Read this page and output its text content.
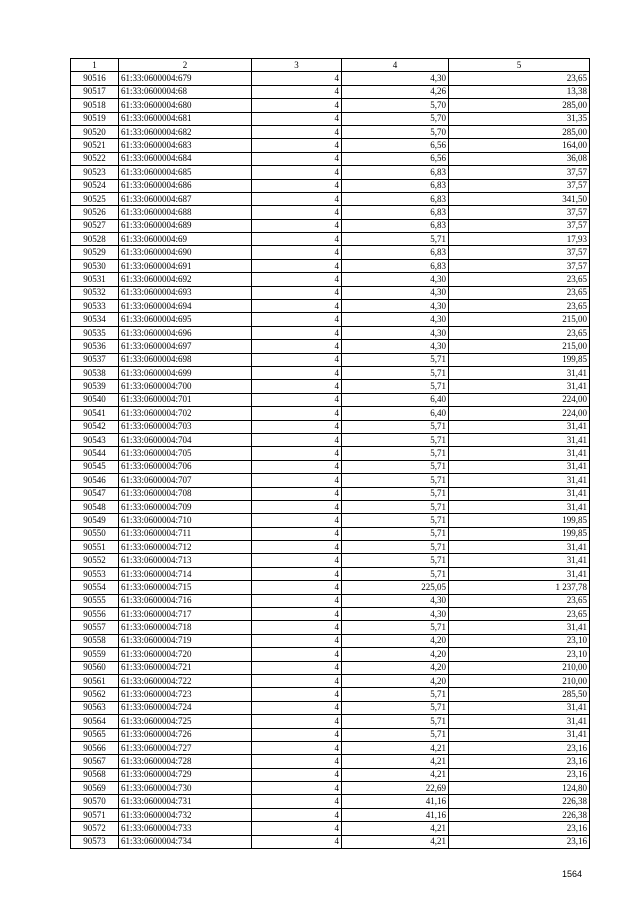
1	2	3	4	5
90516	61:33:0600004:679	4	4,30	23,65
90517	61:33:0600004:68	4	4,26	13,38
90518	61:33:0600004:680	4	5,70	285,00
90519	61:33:0600004:681	4	5,70	31,35
90520	61:33:0600004:682	4	5,70	285,00
90521	61:33:0600004:683	4	6,56	164,00
90522	61:33:0600004:684	4	6,56	36,08
90523	61:33:0600004:685	4	6,83	37,57
90524	61:33:0600004:686	4	6,83	37,57
90525	61:33:0600004:687	4	6,83	341,50
90526	61:33:0600004:688	4	6,83	37,57
90527	61:33:0600004:689	4	6,83	37,57
90528	61:33:0600004:69	4	5,71	17,93
90529	61:33:0600004:690	4	6,83	37,57
90530	61:33:0600004:691	4	6,83	37,57
90531	61:33:0600004:692	4	4,30	23,65
90532	61:33:0600004:693	4	4,30	23,65
90533	61:33:0600004:694	4	4,30	23,65
90534	61:33:0600004:695	4	4,30	215,00
90535	61:33:0600004:696	4	4,30	23,65
90536	61:33:0600004:697	4	4,30	215,00
90537	61:33:0600004:698	4	5,71	199,85
90538	61:33:0600004:699	4	5,71	31,41
90539	61:33:0600004:700	4	5,71	31,41
90540	61:33:0600004:701	4	6,40	224,00
90541	61:33:0600004:702	4	6,40	224,00
90542	61:33:0600004:703	4	5,71	31,41
90543	61:33:0600004:704	4	5,71	31,41
90544	61:33:0600004:705	4	5,71	31,41
90545	61:33:0600004:706	4	5,71	31,41
90546	61:33:0600004:707	4	5,71	31,41
90547	61:33:0600004:708	4	5,71	31,41
90548	61:33:0600004:709	4	5,71	31,41
90549	61:33:0600004:710	4	5,71	199,85
90550	61:33:0600004:711	4	5,71	199,85
90551	61:33:0600004:712	4	5,71	31,41
90552	61:33:0600004:713	4	5,71	31,41
90553	61:33:0600004:714	4	5,71	31,41
90554	61:33:0600004:715	4	225,05	1 237,78
90555	61:33:0600004:716	4	4,30	23,65
90556	61:33:0600004:717	4	4,30	23,65
90557	61:33:0600004:718	4	5,71	31,41
90558	61:33:0600004:719	4	4,20	23,10
90559	61:33:0600004:720	4	4,20	23,10
90560	61:33:0600004:721	4	4,20	210,00
90561	61:33:0600004:722	4	4,20	210,00
90562	61:33:0600004:723	4	5,71	285,50
90563	61:33:0600004:724	4	5,71	31,41
90564	61:33:0600004:725	4	5,71	31,41
90565	61:33:0600004:726	4	5,71	31,41
90566	61:33:0600004:727	4	4,21	23,16
90567	61:33:0600004:728	4	4,21	23,16
90568	61:33:0600004:729	4	4,21	23,16
90569	61:33:0600004:730	4	22,69	124,80
90570	61:33:0600004:731	4	41,16	226,38
90571	61:33:0600004:732	4	41,16	226,38
90572	61:33:0600004:733	4	4,21	23,16
90573	61:33:0600004:734	4	4,21	23,16
1564
